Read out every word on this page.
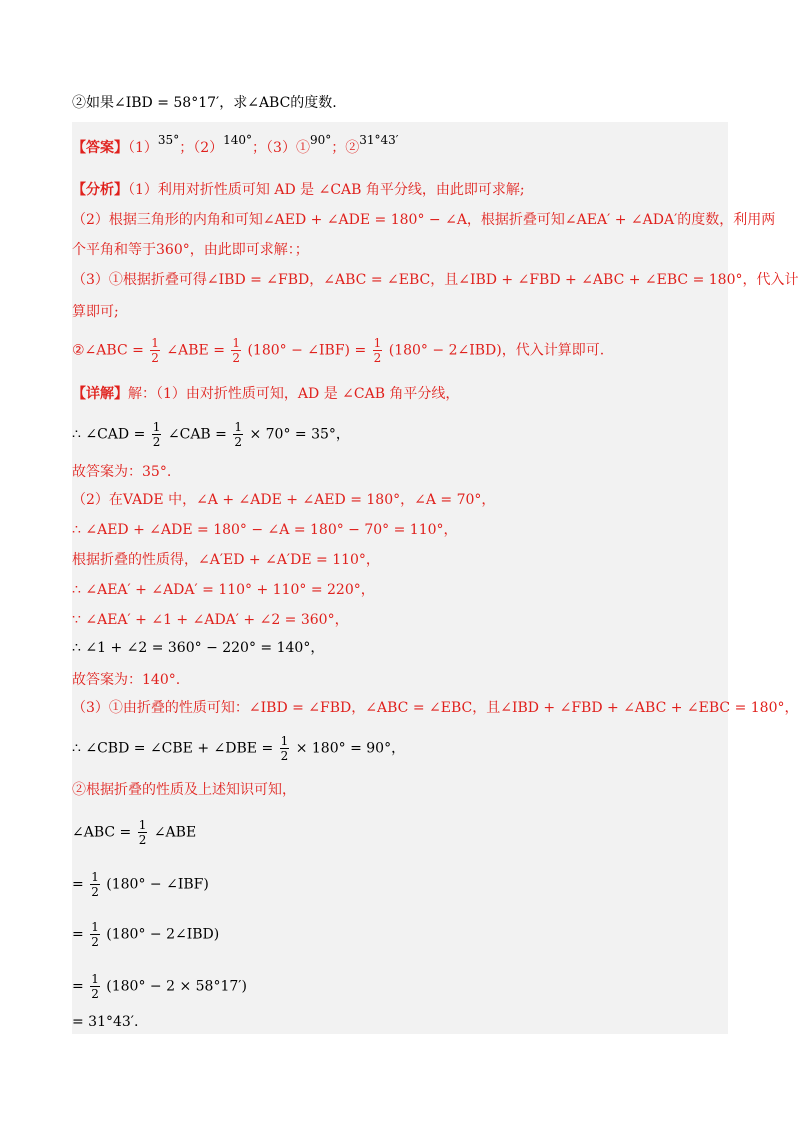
②如果∠IBD = 58°17′，求∠ABC的度数.
【答案】（1）35°；（2）140°；（3）①90°；②31°43′
【分析】（1）利用对折性质可知 AD 是 ∠CAB 角平分线，由此即可求解;
（2）根据三角形的内角和可知∠AED + ∠ADE = 180° − ∠A，根据折叠可知∠AEA′ + ∠ADA′的度数，利用两
个平角和等于360°，由此即可求解：；
（3）①根据折叠可得∠IBD = ∠FBD，∠ABC = ∠EBC，且∠IBD + ∠FBD + ∠ABC + ∠EBC = 180°，代入计
算即可;
②∠ABC = $\frac{1}{2}$ ∠ABE = $\frac{1}{2} (180^\circ$ − ∠IBF) = $\frac{1}{2} (180^\circ$ − 2∠IBD)，代入计算即可.
【详解】解：（1）由对折性质可知，AD 是 ∠CAB 角平分线，
∴ ∠CAD = $\frac{1}{2}$ ∠CAB = $\frac{1}{2} \times 70^\circ = 35^\circ$，
故答案为：35°.
（2）在VADE 中，∠A + ∠ADE + ∠AED = 180°，∠A = 70°，
∴ ∠AED + ∠ADE = 180° − ∠A = 180° − 70° = 110°，
根据折叠的性质得，∠A′ED + ∠A′DE = 110°，
∴ ∠AEA′ + ∠ADA′ = 110° + 110° = 220°，
∵ ∠AEA′ + ∠1 + ∠ADA′ + ∠2 = 360°，
∴ ∠1 + ∠2 = 360° − 220° = 140°，
故答案为：140°.
（3）①由折叠的性质可知：∠IBD = ∠FBD，∠ABC = ∠EBC，且∠IBD + ∠FBD + ∠ABC + ∠EBC = 180°，
∴ ∠CBD = ∠CBE + ∠DBE = $\frac{1}{2} \times 180^\circ = 90^\circ$，
②根据折叠的性质及上述知识可知，
∠ABC = $\frac{1}{2}$ ∠ABE
= $\frac{1}{2} (180^\circ$ − ∠IBF)
= $\frac{1}{2} (180^\circ$ − 2∠IBD)
= $\frac{1}{2} (180^\circ - 2 \times 58^\circ 17')$
= 31°43′.
